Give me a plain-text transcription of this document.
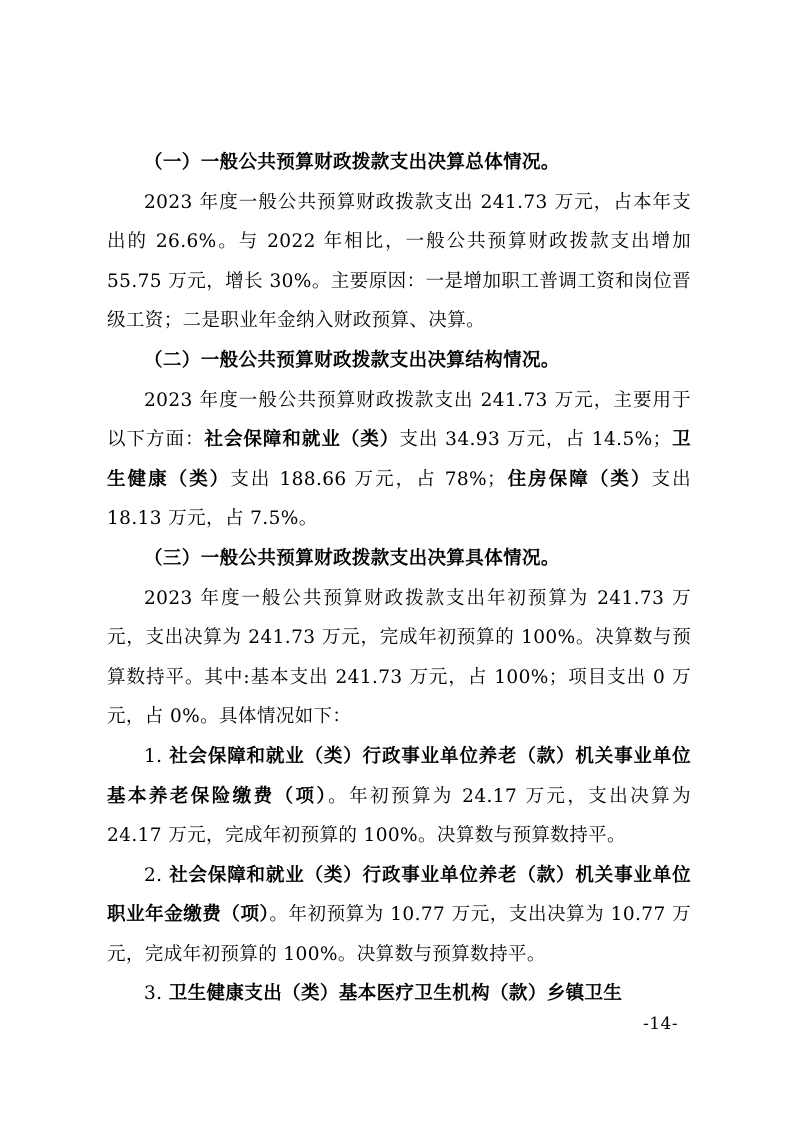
（一）一般公共预算财政拨款支出决算总体情况。

2023 年度一般公共预算财政拨款支出 241.73 万元，占本年支出的 26.6%。与 2022 年相比，一般公共预算财政拨款支出增加 55.75 万元，增长 30%。主要原因：一是增加职工普调工资和岗位晋级工资；二是职业年金纳入财政预算、决算。

（二）一般公共预算财政拨款支出决算结构情况。

2023 年度一般公共预算财政拨款支出 241.73 万元，主要用于以下方面：社会保障和就业（类）支出 34.93 万元，占 14.5%；卫生健康（类）支出 188.66 万元，占 78%；住房保障（类）支出 18.13 万元，占 7.5%。

（三）一般公共预算财政拨款支出决算具体情况。

2023 年度一般公共预算财政拨款支出年初预算为 241.73 万元，支出决算为 241.73 万元，完成年初预算的 100%。决算数与预算数持平。其中:基本支出 241.73 万元，占 100%；项目支出 0 万元，占 0%。具体情况如下：

1. 社会保障和就业（类）行政事业单位养老（款）机关事业单位基本养老保险缴费（项）。年初预算为 24.17 万元，支出决算为 24.17 万元，完成年初预算的 100%。决算数与预算数持平。

2. 社会保障和就业（类）行政事业单位养老（款）机关事业单位职业年金缴费（项）。年初预算为 10.77 万元，支出决算为 10.77 万元，完成年初预算的 100%。决算数与预算数持平。

3. 卫生健康支出（类）基本医疗卫生机构（款）乡镇卫生

-14-
